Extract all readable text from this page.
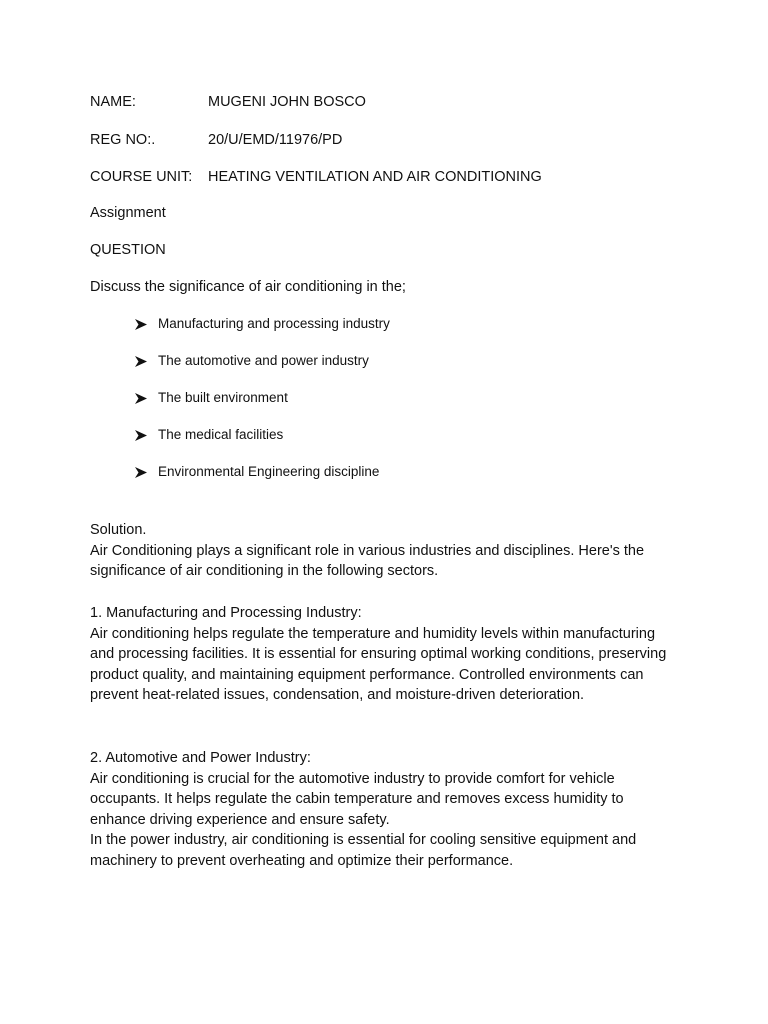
NAME:	MUGENI JOHN BOSCO
REG NO:.	20/U/EMD/11976/PD
COURSE UNIT: HEATING VENTILATION AND AIR CONDITIONING
Assignment
QUESTION
Discuss the significance of air conditioning in the;
Manufacturing and processing industry
The automotive and power industry
The built environment
The medical facilities
Environmental Engineering discipline

Solution.

Air Conditioning plays a significant role in various industries and disciplines. Here's the significance of air conditioning in the following sectors.

1. Manufacturing and Processing Industry:

Air conditioning helps regulate the temperature and humidity levels within manufacturing and processing facilities. It is essential for ensuring optimal working conditions, preserving product quality, and maintaining equipment performance. Controlled environments can prevent heat-related issues, condensation, and moisture-driven deterioration.

2. Automotive and Power Industry:

Air conditioning is crucial for the automotive industry to provide comfort for vehicle occupants. It helps regulate the cabin temperature and removes excess humidity to enhance driving experience and ensure safety.

In the power industry, air conditioning is essential for cooling sensitive equipment and machinery to prevent overheating and optimize their performance.
